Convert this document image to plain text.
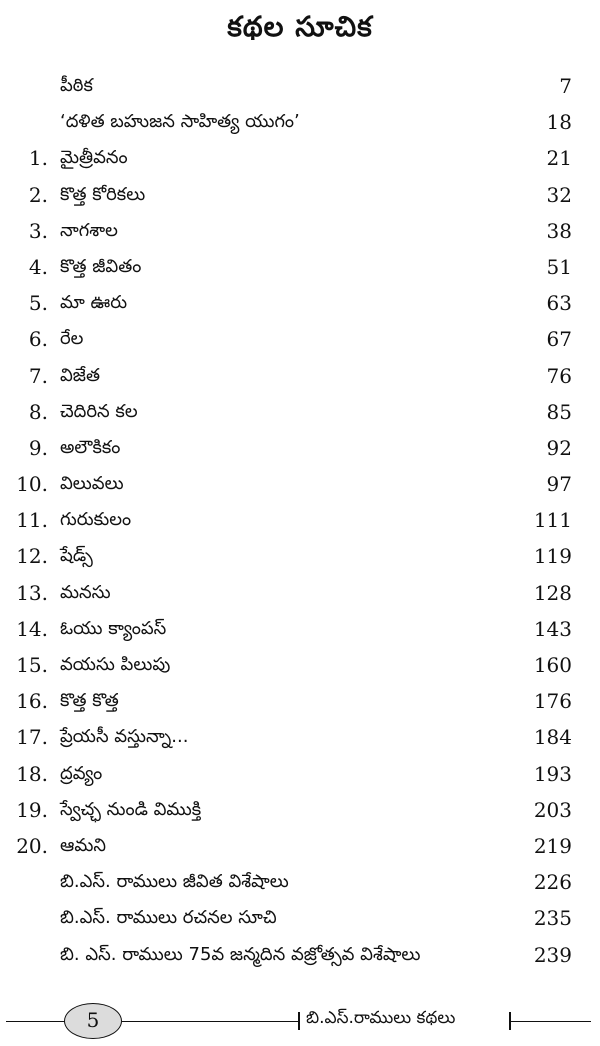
కథల సూచిక
పీఠిక	7
‘దళిత బహుజన సాహిత్య యుగం’	18
1. మైత్రీవనం	21
2. కొత్త కోరికలు	32
3. నాగశాల	38
4. కొత్త జీవితం	51
5. మా ఊరు	63
6. రేల	67
7. విజేత	76
8. చెదిరిన కల	85
9. అలౌకికం	92
10. విలువలు	97
11. గురుకులం	111
12. షేడ్స్	119
13. మనసు	128
14. ఓయు క్యాంపస్	143
15. వయసు పిలుపు	160
16. కొత్త కొత్త	176
17. ప్రేయసీ వస్తున్నా...	184
18. ద్రవ్యం	193
19. స్వేచ్ఛ నుండి విముక్తి	203
20. ఆమని	219
బి.ఎస్. రాములు జీవిత విశేషాలు	226
బి.ఎస్. రాములు రచనల సూచి	235
బి. ఎస్. రాములు 75వ జన్మదిన వజ్రోత్సవ విశేషాలు	239
5	బి.ఎస్.రాములు కథలు
